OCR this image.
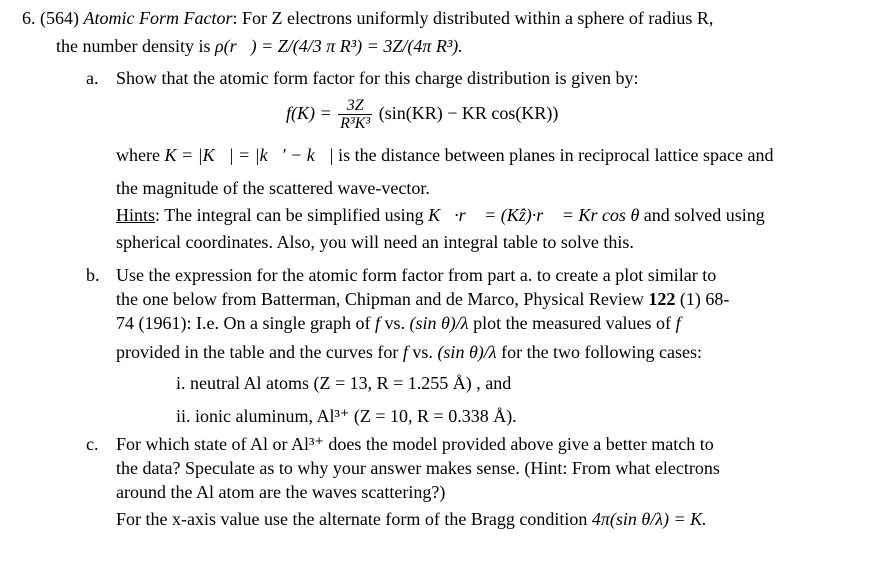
6. (564) Atomic Form Factor: For Z electrons uniformly distributed within a sphere of radius R,
the number density is ρ(r⃗) = Z/(4/3 π R³) = 3Z/(4π R³).
a. Show that the atomic form factor for this charge distribution is given by:
$f(K) = \frac{3Z}{\text{R³K³}} (\sin(KR)$ − KR cos(KR))
where K = |K⃗| = |k⃗′ − k⃗| is the distance between planes in reciprocal lattice space and
the magnitude of the scattered wave-vector.
Hints: The integral can be simplified using K⃗·r⃗ = (Kẑ)·r⃗ = Kr cos θ and solved using
spherical coordinates. Also, you will need an integral table to solve this.
b. Use the expression for the atomic form factor from part a. to create a plot similar to
the one below from Batterman, Chipman and de Marco, Physical Review 122 (1) 68-
74 (1961): I.e. On a single graph of f vs. (sin θ)/λ plot the measured values of f
provided in the table and the curves for f vs. (sin θ)/λ for the two following cases:
i. neutral Al atoms (Z = 13, R = 1.255 Å) , and
ii. ionic aluminum, Al³⁺ (Z = 10, R = 0.338 Å).
c. For which state of Al or Al³⁺ does the model provided above give a better match to
the data? Speculate as to why your answer makes sense. (Hint: From what electrons
around the Al atom are the waves scattering?)
For the x-axis value use the alternate form of the Bragg condition 4π(sin θ/λ) = K.
